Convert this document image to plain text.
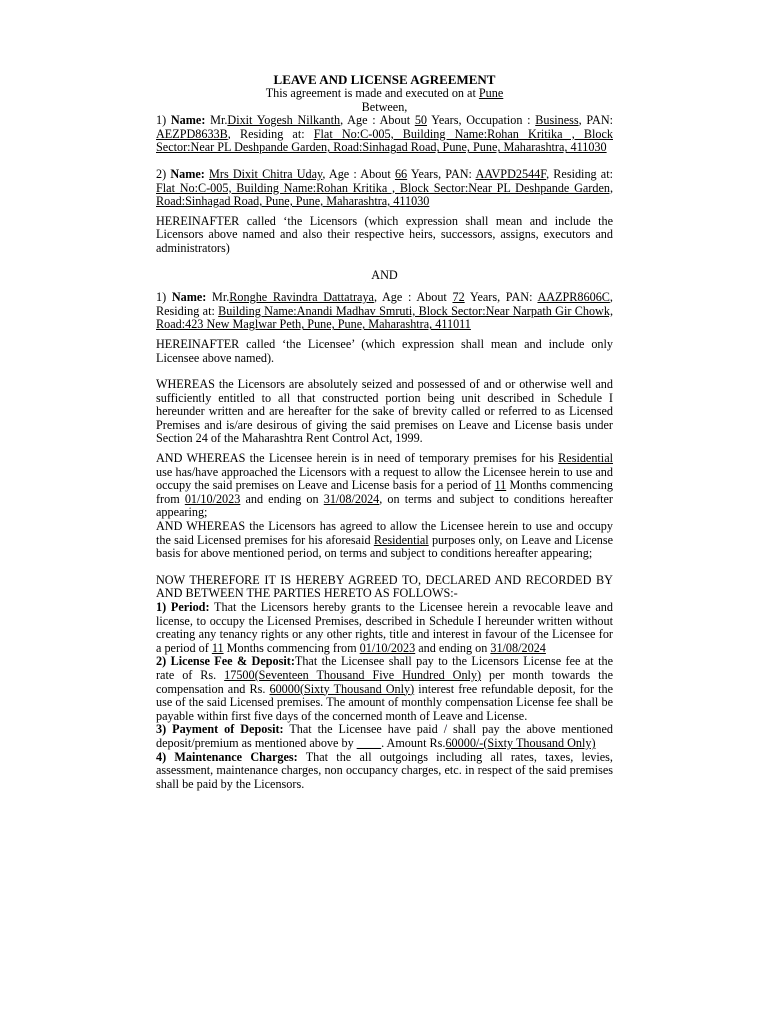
LEAVE AND LICENSE AGREEMENT
This agreement is made and executed on at Pune
Between,

1) Name: Mr.Dixit Yogesh Nilkanth, Age : About 50 Years, Occupation : Business, PAN: AEZPD8633B, Residing at: Flat No:C-005, Building Name:Rohan Kritika , Block Sector:Near PL Deshpande Garden, Road:Sinhagad Road, Pune, Pune, Maharashtra, 411030

2) Name: Mrs Dixit Chitra Uday, Age : About 66 Years, PAN: AAVPD2544F, Residing at: Flat No:C-005, Building Name:Rohan Kritika , Block Sector:Near PL Deshpande Garden, Road:Sinhagad Road, Pune, Pune, Maharashtra, 411030

HEREINAFTER called ‘the Licensors (which expression shall mean and include the Licensors above named and also their respective heirs, successors, assigns, executors and administrators)

AND

1) Name: Mr.Ronghe Ravindra Dattatraya, Age : About 72 Years, PAN: AAZPR8606C, Residing at: Building Name:Anandi Madhav Smruti, Block Sector:Near Narpath Gir Chowk, Road:423 New Maglwar Peth, Pune, Pune, Maharashtra, 411011

HEREINAFTER called ‘the Licensee’ (which expression shall mean and include only Licensee above named).

WHEREAS the Licensors are absolutely seized and possessed of and or otherwise well and sufficiently entitled to all that constructed portion being unit described in Schedule I hereunder written and are hereafter for the sake of brevity called or referred to as Licensed Premises and is/are desirous of giving the said premises on Leave and License basis under Section 24 of the Maharashtra Rent Control Act, 1999.

AND WHEREAS the Licensee herein is in need of temporary premises for his Residential use has/have approached the Licensors with a request to allow the Licensee herein to use and occupy the said premises on Leave and License basis for a period of 11 Months commencing from 01/10/2023 and ending on 31/08/2024, on terms and subject to conditions hereafter appearing;

AND WHEREAS the Licensors has agreed to allow the Licensee herein to use and occupy the said Licensed premises for his aforesaid Residential purposes only, on Leave and License basis for above mentioned period, on terms and subject to conditions hereafter appearing;

NOW THEREFORE IT IS HEREBY AGREED TO, DECLARED AND RECORDED BY AND BETWEEN THE PARTIES HERETO AS FOLLOWS:-

1) Period: That the Licensors hereby grants to the Licensee herein a revocable leave and license, to occupy the Licensed Premises, described in Schedule I hereunder written without creating any tenancy rights or any other rights, title and interest in favour of the Licensee for a period of 11 Months commencing from 01/10/2023 and ending on 31/08/2024

2) License Fee & Deposit:That the Licensee shall pay to the Licensors License fee at the rate of Rs. 17500(Seventeen Thousand Five Hundred Only) per month towards the compensation and Rs. 60000(Sixty Thousand Only) interest free refundable deposit, for the use of the said Licensed premises. The amount of monthly compensation License fee shall be payable within first five days of the concerned month of Leave and License.

3) Payment of Deposit: That the Licensee have paid / shall pay the above mentioned deposit/premium as mentioned above by ____. Amount Rs.60000/-(Sixty Thousand Only)

4) Maintenance Charges: That the all outgoings including all rates, taxes, levies, assessment, maintenance charges, non occupancy charges, etc. in respect of the said premises shall be paid by the Licensors.
